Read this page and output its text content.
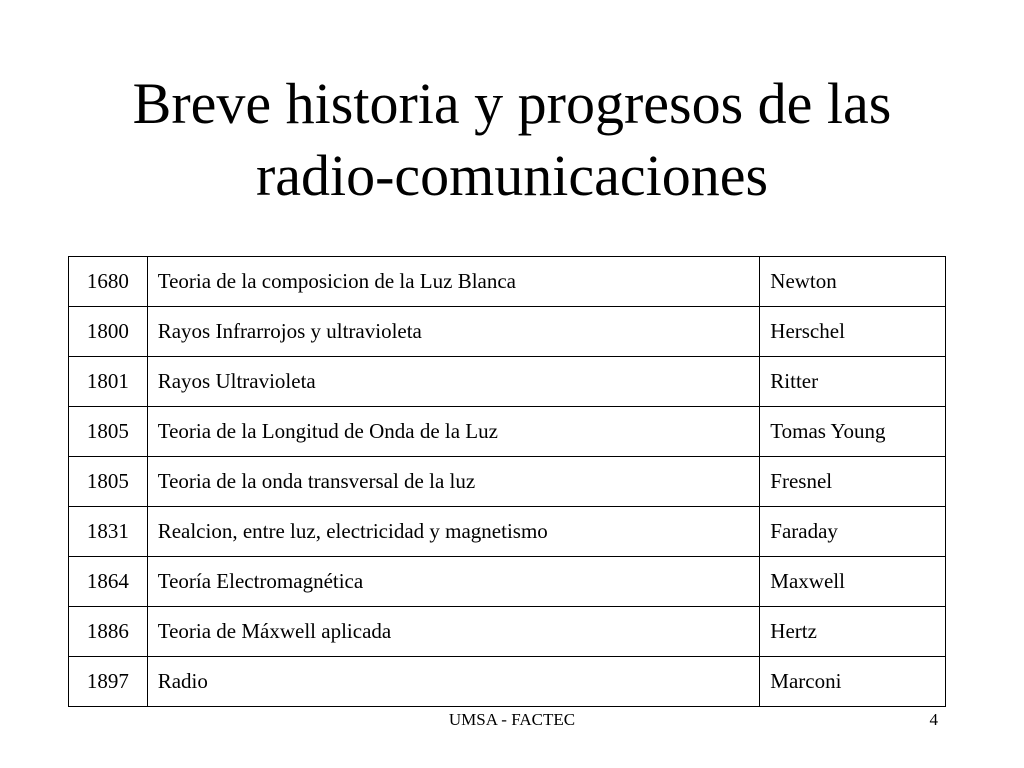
Breve historia y progresos de las
radio-comunicaciones
1680	Teoria de la composicion de la Luz Blanca	Newton
1800	Rayos Infrarrojos y ultravioleta	Herschel
1801	Rayos Ultravioleta	Ritter
1805	Teoria de la Longitud de Onda de la Luz	Tomas Young
1805	Teoria de la onda transversal de la luz	Fresnel
1831	Realcion, entre luz, electricidad y magnetismo	Faraday
1864	Teoría Electromagnética	Maxwell
1886	Teoria de Máxwell aplicada	Hertz
1897	Radio	Marconi
UMSA - FACTEC	4
